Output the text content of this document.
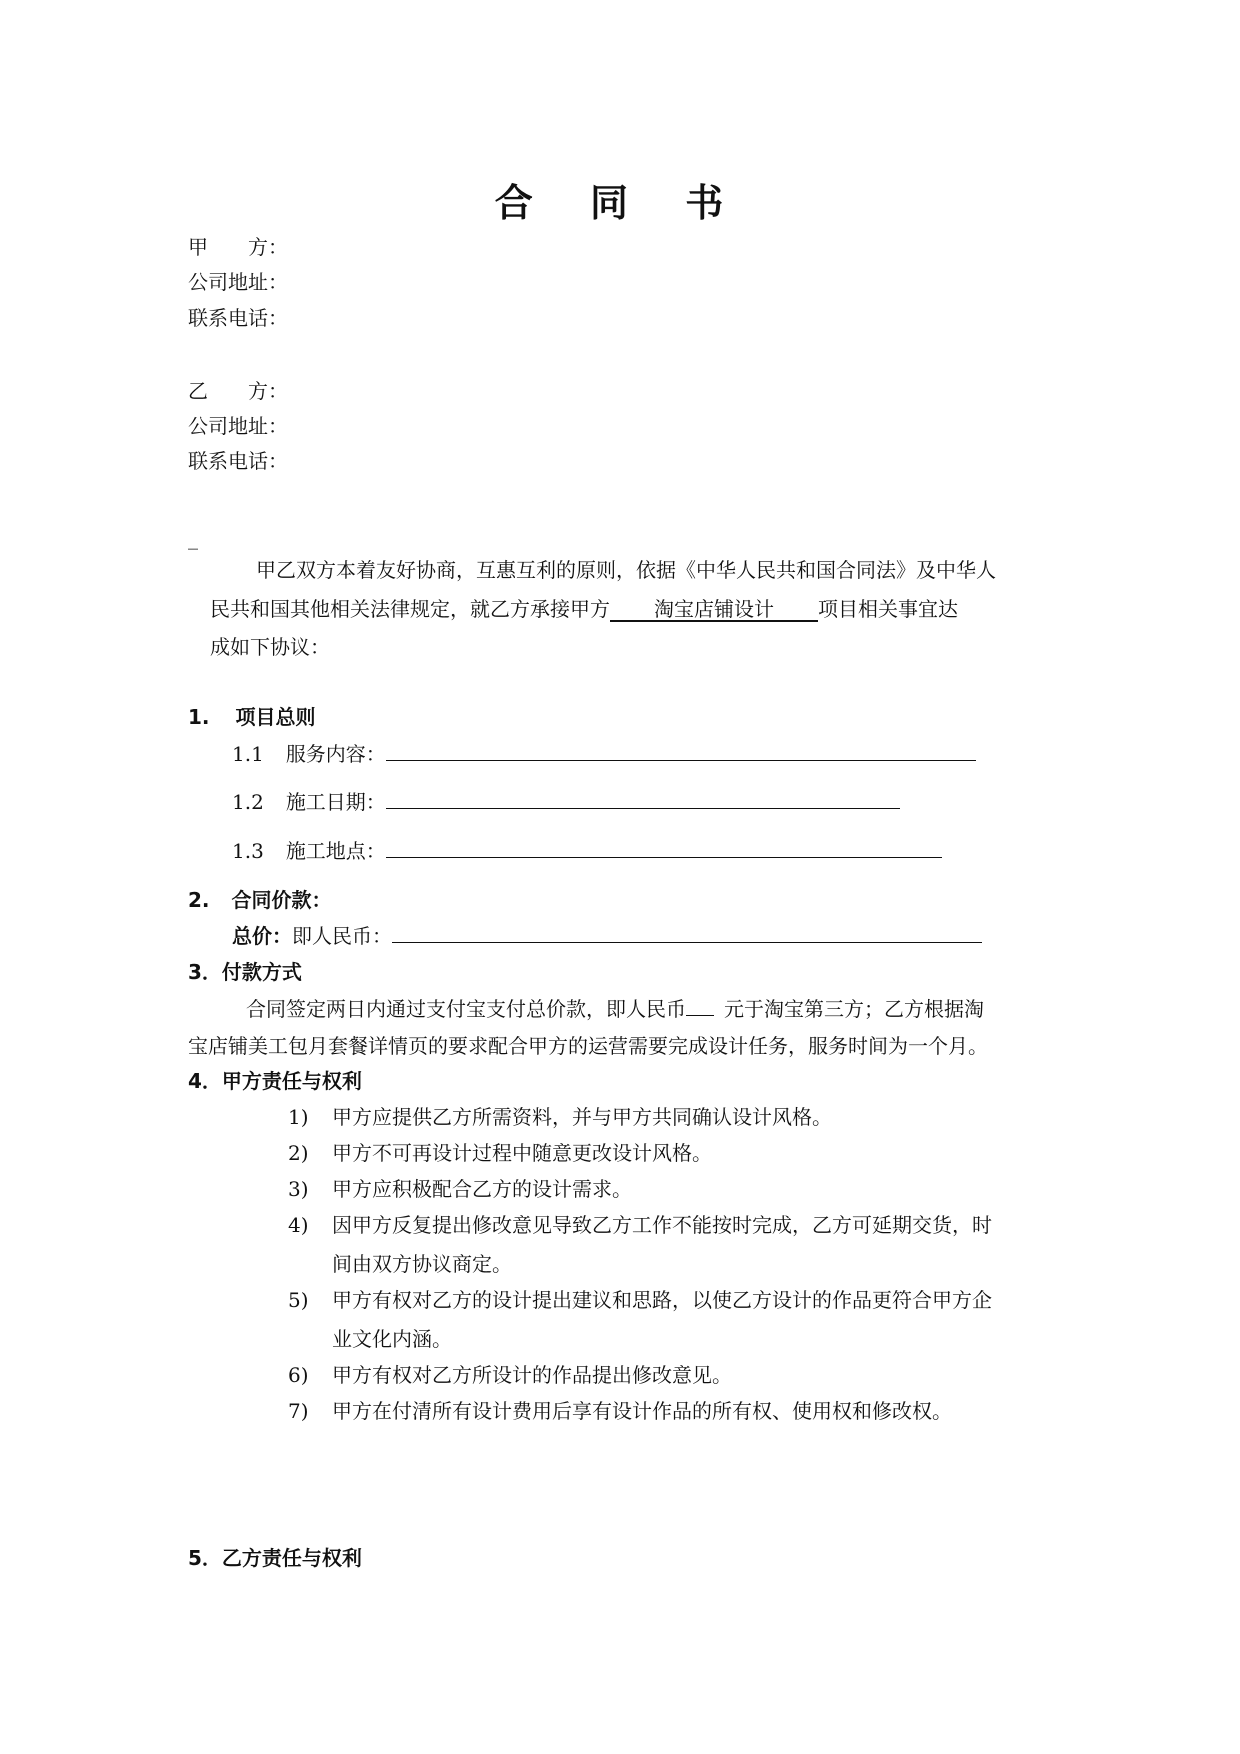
合 同 书
甲　　方：
公司地址：
联系电话：
乙　　方：
公司地址：
联系电话：
_
甲乙双方本着友好协商，互惠互利的原则，依据《中华人民共和国合同法》及中华人
民共和国其他相关法律规定，就乙方承接甲方    淘宝店铺设计    项目相关事宜达
成如下协议：
1. 项目总则
1.1 服务内容：
1.2 施工日期：
1.3 施工地点：
2. 合同价款：
总价：即人民币：
3．付款方式
合同签定两日内通过支付宝支付总价款，即人民币 元于淘宝第三方；乙方根据淘
宝店铺美工包月套餐详情页的要求配合甲方的运营需要完成设计任务，服务时间为一个月。
4．甲方责任与权利
1) 甲方应提供乙方所需资料，并与甲方共同确认设计风格。
2) 甲方不可再设计过程中随意更改设计风格。
3) 甲方应积极配合乙方的设计需求。
4) 因甲方反复提出修改意见导致乙方工作不能按时完成，乙方可延期交货，时
间由双方协议商定。
5) 甲方有权对乙方的设计提出建议和思路，以使乙方设计的作品更符合甲方企
业文化内涵。
6) 甲方有权对乙方所设计的作品提出修改意见。
7) 甲方在付清所有设计费用后享有设计作品的所有权、使用权和修改权。
5．乙方责任与权利
